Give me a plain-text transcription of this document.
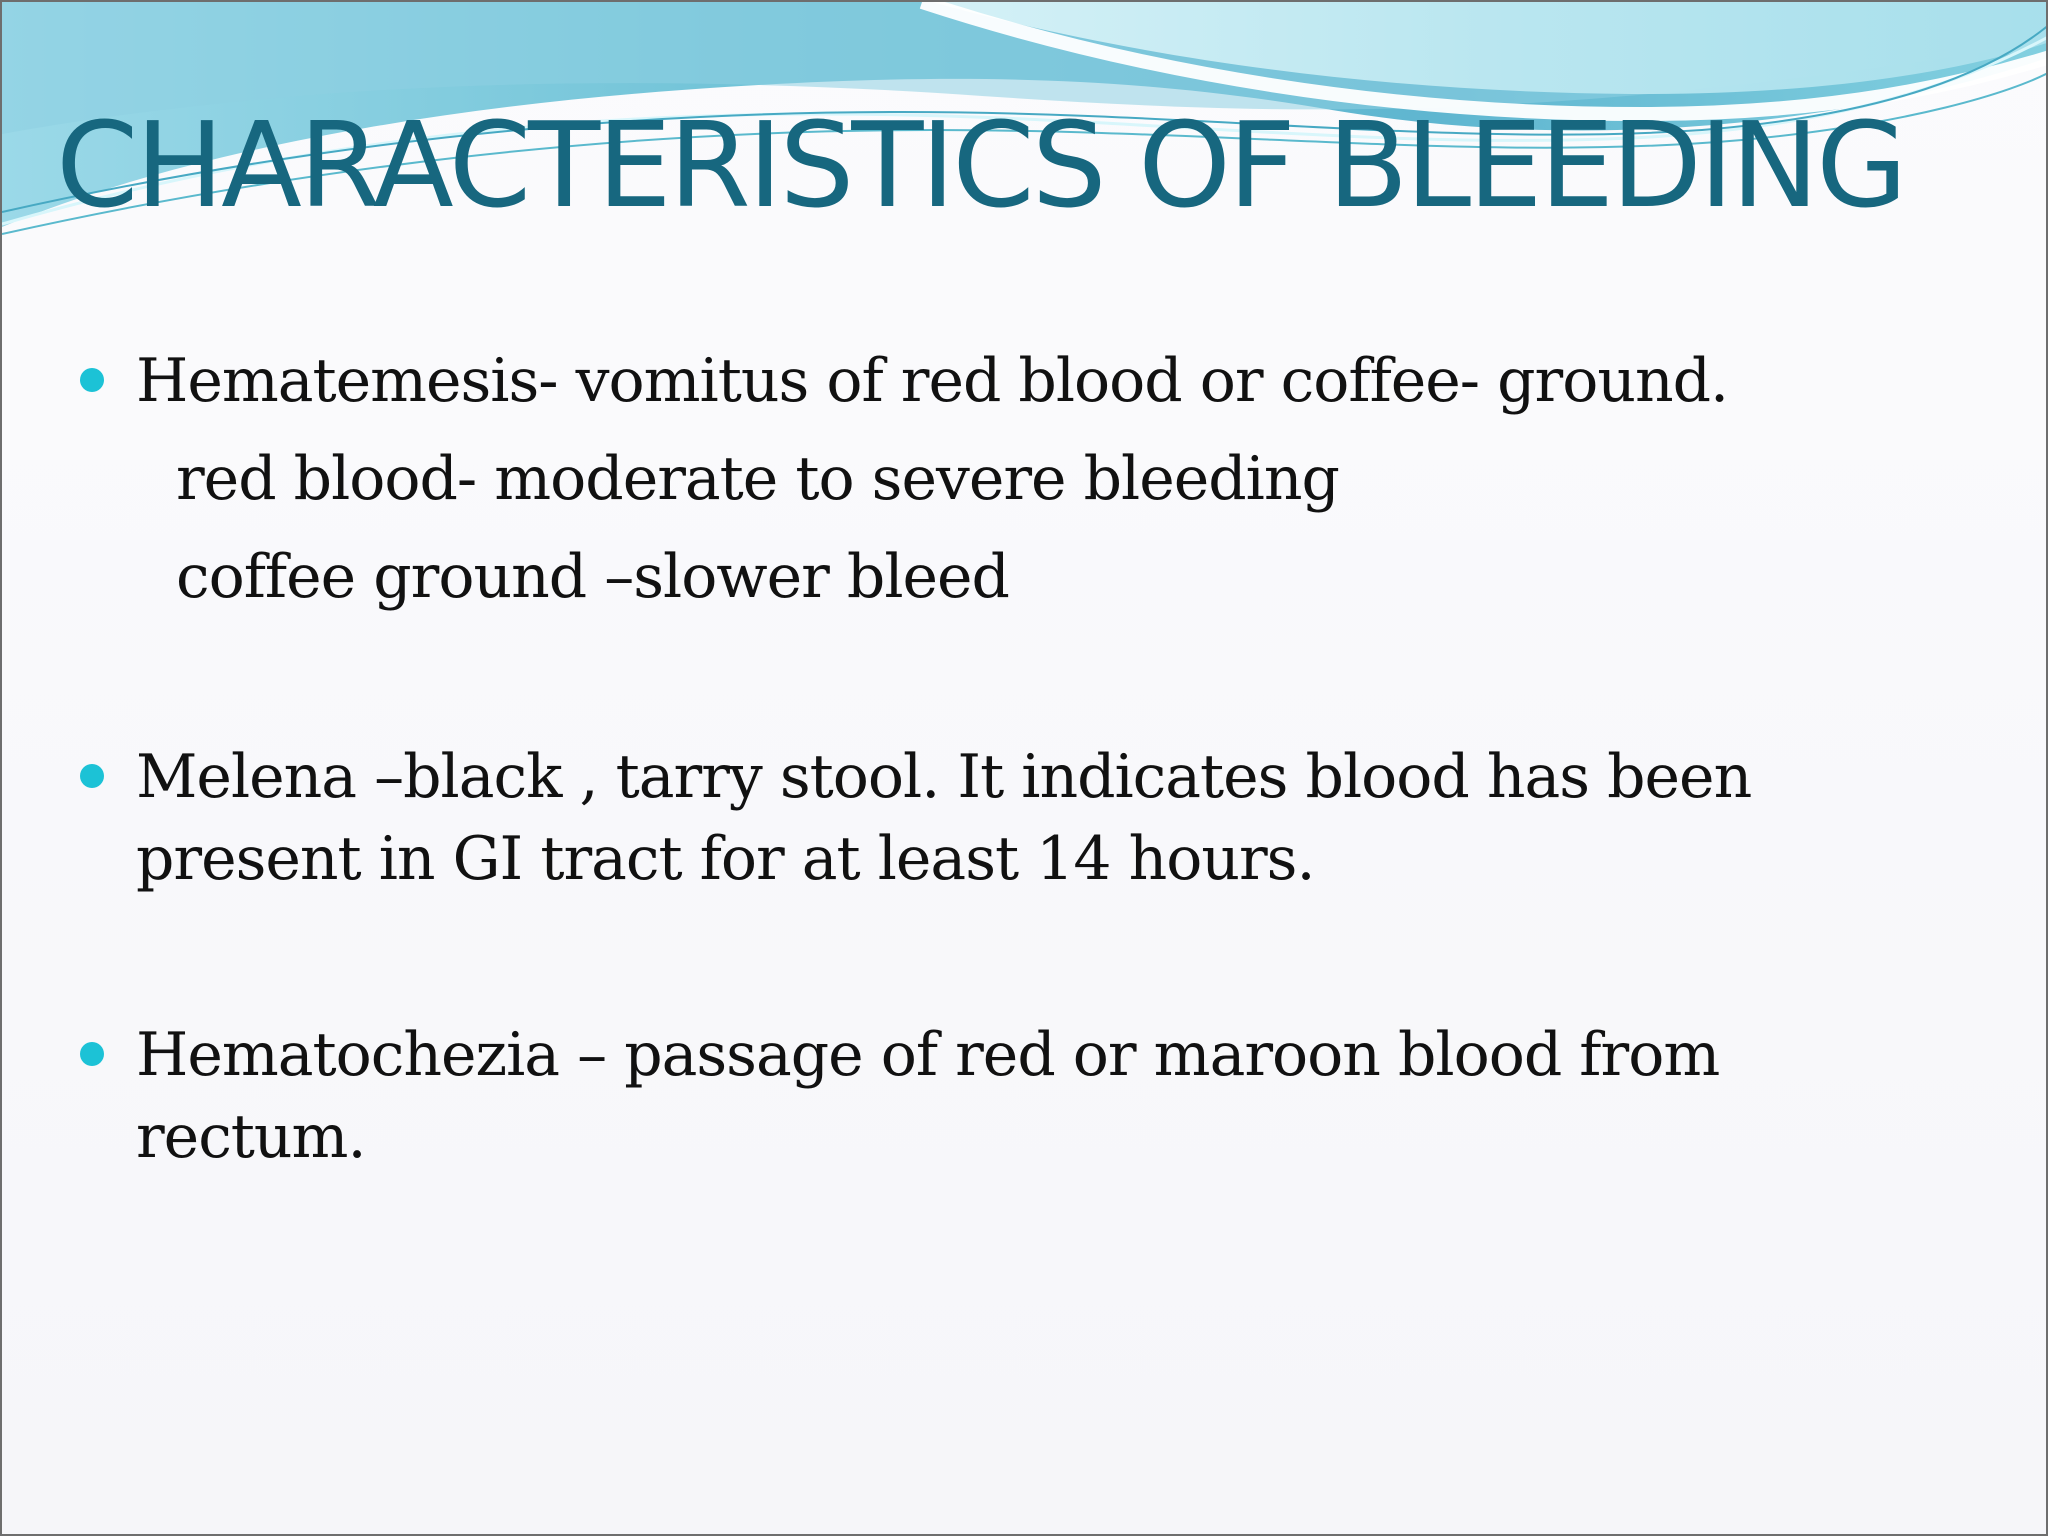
CHARACTERISTICS OF BLEEDING
Hematemesis- vomitus of red blood or coffee- ground.
red blood- moderate to severe bleeding
coffee ground –slower bleed
Melena –black , tarry stool. It indicates blood has been
present in GI tract for at least 14 hours.
Hematochezia – passage of red or maroon blood from
rectum.
